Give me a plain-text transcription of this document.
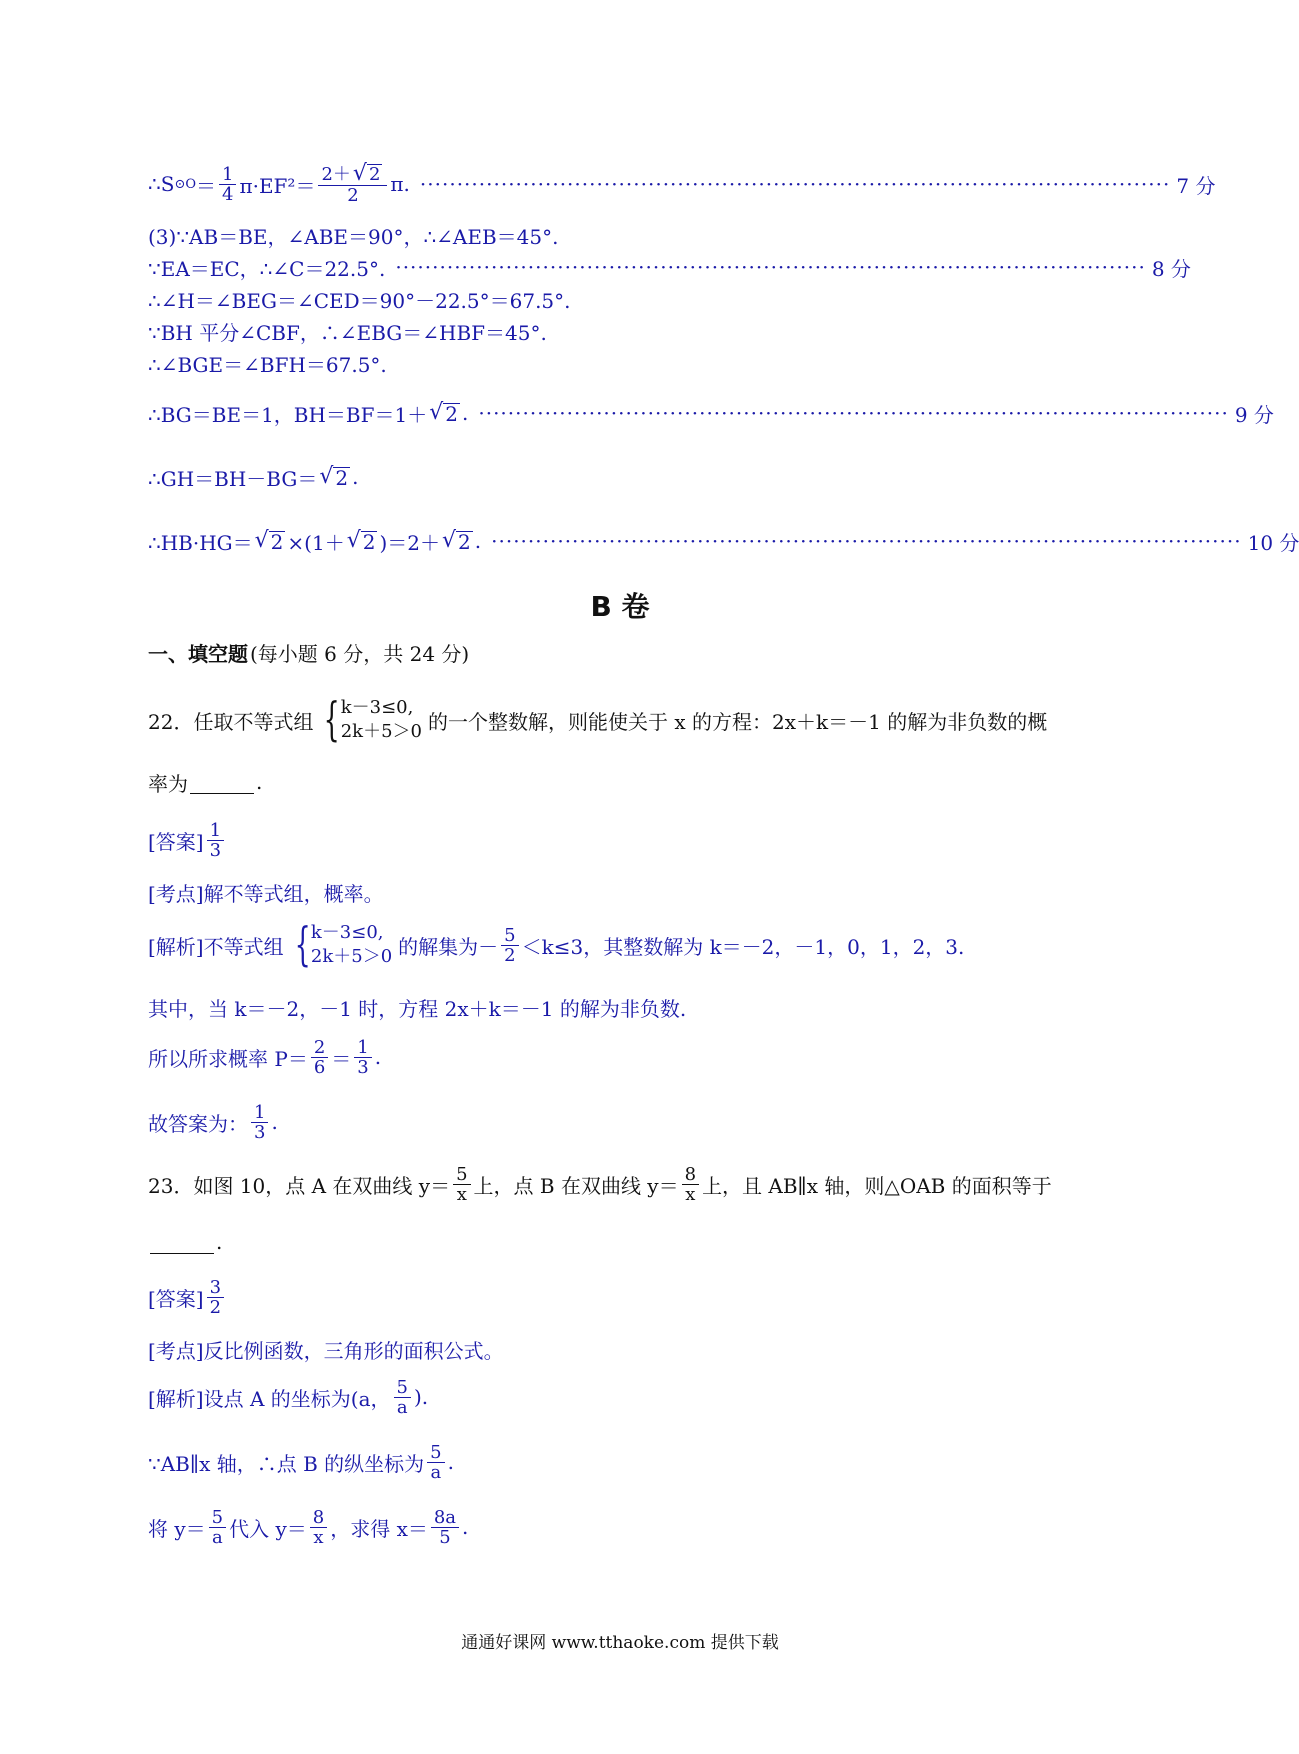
∴S ⊙O ＝ $\frac{1}{4} \pi\cdot EF^2= \frac{2+ √ 2}{2} \pi$. ······································································································ 7 分
(3)∵AB＝BE，∠ABE＝90°，∴∠AEB＝45°.
∵EA＝EC，∴∠C＝22.5°. ······································································································ 8 分
∴∠H＝∠BEG＝∠CED＝90°－22.5°＝67.5°.
∵BH 平分∠CBF，∴∠EBG＝∠HBF＝45°.
∴∠BGE＝∠BFH＝67.5°.
∴BG＝BE＝1，BH＝BF＝1＋ √ 2 . ······································································································ 9 分
∴GH＝BH－BG＝ √ 2 .
∴HB·HG＝ √ 2 ×(1＋ √ 2 )＝2＋ √ 2 . ······································································································ 10 分
B 卷
一、填空题 (每小题 6 分，共 24 分)
22．任取不等式组 { k－3≤0,
2k＋5＞0 的一个整数解，则能使关于 x 的方程：2x＋k＝－1 的解为非负数的概
率为	.
[答案] $\frac{1}{3}$
[考点]解不等式组，概率。
[解析]不等式组 { k－3≤0,
2k＋5＞0 的解集为－ $\frac{5}{2} <k\le 3$，其整数解为 k＝－2，－1，0，1，2，3.
其中，当 k＝－2，－1 时，方程 2x＋k＝－1 的解为非负数.
所以所求概率 $P= \frac{2}{6} = \frac{1}{3}$ .
故答案为： $\frac{1}{3}$ .
23．如图 10，点 A 在双曲线 $y= \frac{5}{x}$ 上，点 B 在双曲线 $y= \frac{8}{x}$ 上，且 AB∥x 轴，则△OAB 的面积等于
.
[答案] $\frac{3}{2}$
[考点]反比例函数，三角形的面积公式。
[解析]设点 A 的坐标为(a， $\frac{5}{a}$ ).
∵AB∥x 轴，∴点 B 的纵坐标为 $\frac{5}{a}$ .
将 $y= \frac{5}{a}$ 代入 $y= \frac{8}{x}$ ，求得 $x= \frac{8a}{5}$ .
通通好课网 www.tthaoke.com 提供下载
